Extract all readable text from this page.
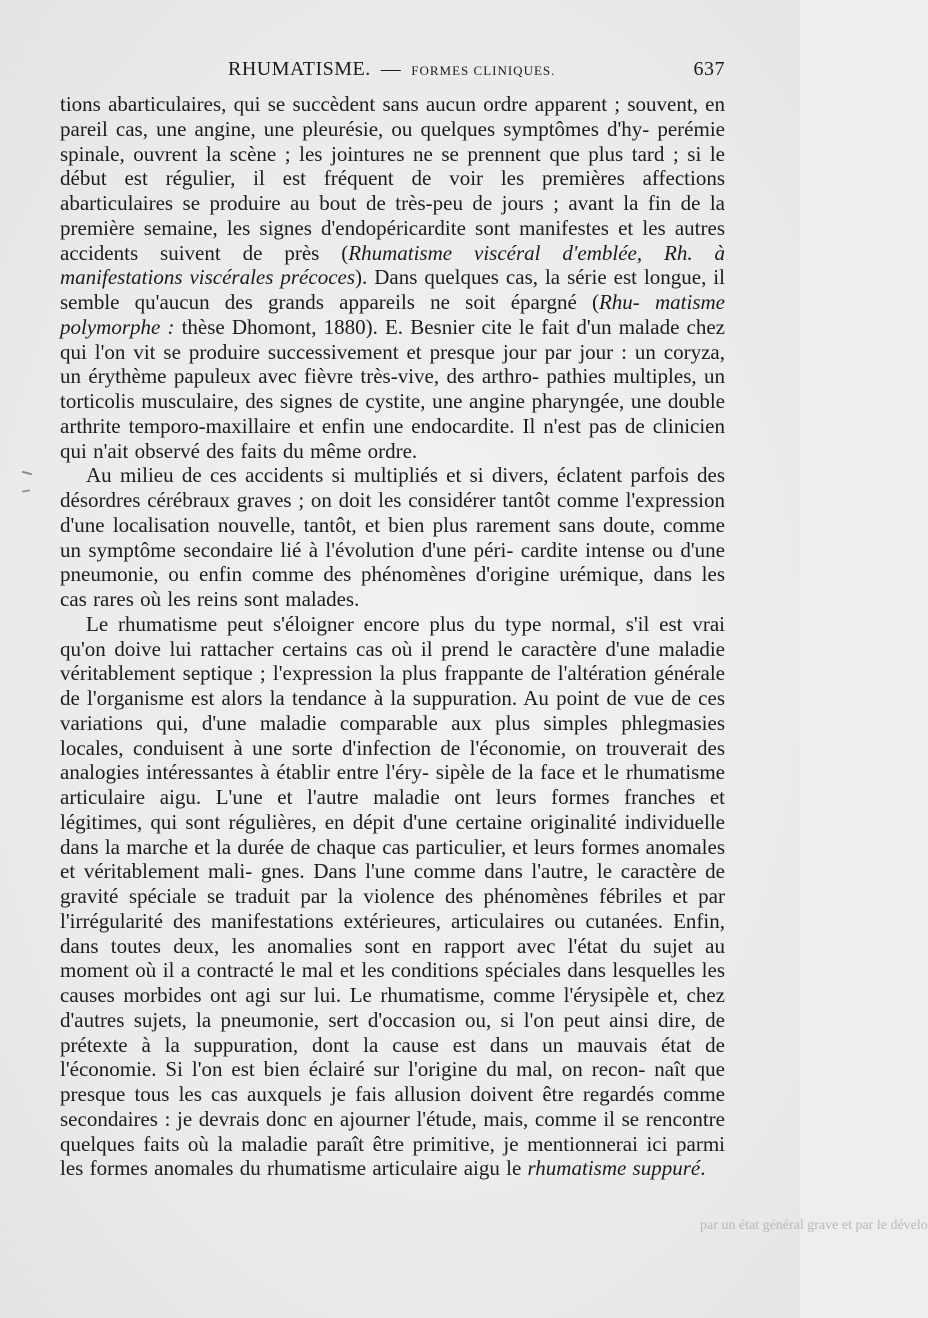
RHUMATISME. — FORMES CLINIQUES.	637

tions abarticulaires, qui se succèdent sans aucun ordre apparent ; souvent, en pareil cas, une angine, une pleurésie, ou quelques symptômes d'hy- perémie spinale, ouvrent la scène ; les jointures ne se prennent que plus tard ; si le début est régulier, il est fréquent de voir les premières affections abarticulaires se produire au bout de très-peu de jours ; avant la fin de la première semaine, les signes d'endopéricardite sont manifestes et les autres accidents suivent de près (Rhumatisme viscéral d'emblée, Rh. à manifestations viscérales précoces). Dans quelques cas, la série est longue, il semble qu'aucun des grands appareils ne soit épargné (Rhu- matisme polymorphe : thèse Dhomont, 1880). E. Besnier cite le fait d'un malade chez qui l'on vit se produire successivement et presque jour par jour : un coryza, un érythème papuleux avec fièvre très-vive, des arthro- pathies multiples, un torticolis musculaire, des signes de cystite, une angine pharyngée, une double arthrite temporo-maxillaire et enfin une endocardite. Il n'est pas de clinicien qui n'ait observé des faits du même ordre.

Au milieu de ces accidents si multipliés et si divers, éclatent parfois des désordres cérébraux graves ; on doit les considérer tantôt comme l'expression d'une localisation nouvelle, tantôt, et bien plus rarement sans doute, comme un symptôme secondaire lié à l'évolution d'une péri- cardite intense ou d'une pneumonie, ou enfin comme des phénomènes d'origine urémique, dans les cas rares où les reins sont malades.

Le rhumatisme peut s'éloigner encore plus du type normal, s'il est vrai qu'on doive lui rattacher certains cas où il prend le caractère d'une maladie véritablement septique ; l'expression la plus frappante de l'altération générale de l'organisme est alors la tendance à la suppuration. Au point de vue de ces variations qui, d'une maladie comparable aux plus simples phlegmasies locales, conduisent à une sorte d'infection de l'économie, on trouverait des analogies intéressantes à établir entre l'éry- sipèle de la face et le rhumatisme articulaire aigu. L'une et l'autre maladie ont leurs formes franches et légitimes, qui sont régulières, en dépit d'une certaine originalité individuelle dans la marche et la durée de chaque cas particulier, et leurs formes anomales et véritablement mali- gnes. Dans l'une comme dans l'autre, le caractère de gravité spéciale se traduit par la violence des phénomènes fébriles et par l'irrégularité des manifestations extérieures, articulaires ou cutanées. Enfin, dans toutes deux, les anomalies sont en rapport avec l'état du sujet au moment où il a contracté le mal et les conditions spéciales dans lesquelles les causes morbides ont agi sur lui. Le rhumatisme, comme l'érysipèle et, chez d'autres sujets, la pneumonie, sert d'occasion ou, si l'on peut ainsi dire, de prétexte à la suppuration, dont la cause est dans un mauvais état de l'économie. Si l'on est bien éclairé sur l'origine du mal, on recon- naît que presque tous les cas auxquels je fais allusion doivent être regardés comme secondaires : je devrais donc en ajourner l'étude, mais, comme il se rencontre quelques faits où la maladie paraît être primitive, je mentionnerai ici parmi les formes anomales du rhumatisme articulaire aigu le rhumatisme suppuré.

par un état général grave et par le dévelo
